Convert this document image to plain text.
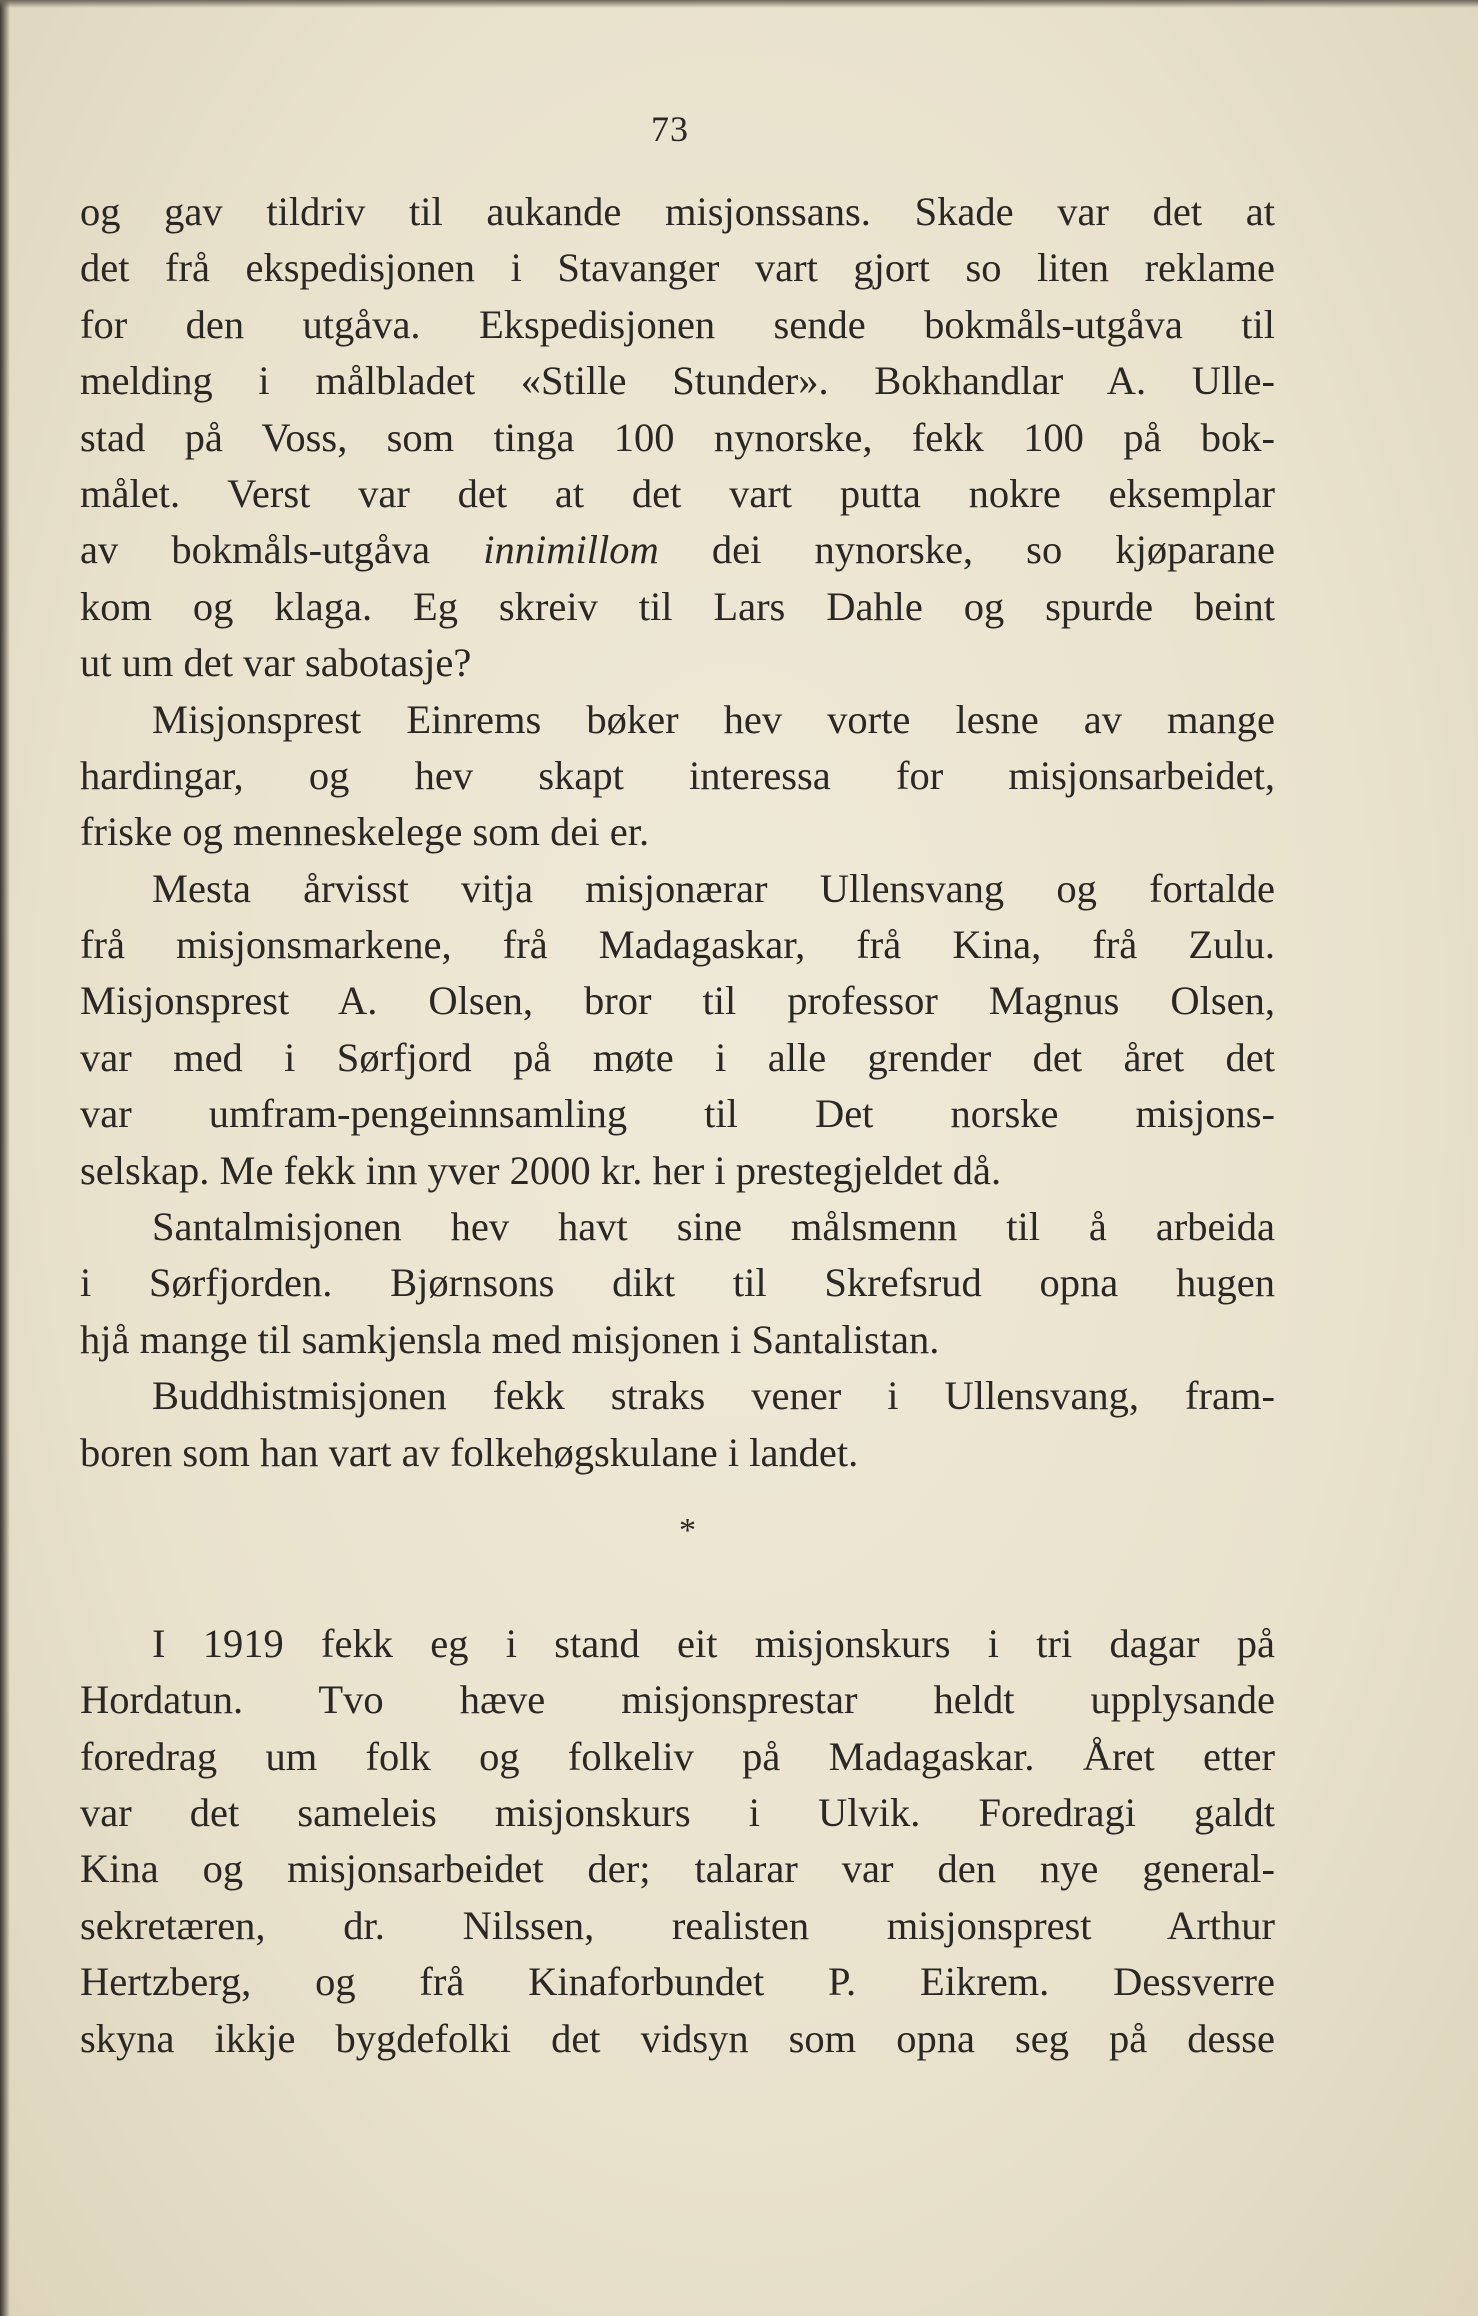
73
og gav tildriv til aukande misjonssans. Skade var det at
det frå ekspedisjonen i Stavanger vart gjort so liten reklame
for den utgåva. Ekspedisjonen sende bokmåls-utgåva til
melding i målbladet «Stille Stunder». Bokhandlar A. Ulle-
stad på Voss, som tinga 100 nynorske, fekk 100 på bok-
målet. Verst var det at det vart putta nokre eksemplar
av bokmåls-utgåva innimillom dei nynorske, so kjøparane
kom og klaga. Eg skreiv til Lars Dahle og spurde beint
ut um det var sabotasje?
Misjonsprest Einrems bøker hev vorte lesne av mange
hardingar, og hev skapt interessa for misjonsarbeidet,
friske og menneskelege som dei er.
Mesta årvisst vitja misjonærar Ullensvang og fortalde
frå misjonsmarkene, frå Madagaskar, frå Kina, frå Zulu.
Misjonsprest A. Olsen, bror til professor Magnus Olsen,
var med i Sørfjord på møte i alle grender det året det
var umfram-pengeinnsamling til Det norske misjons-
selskap. Me fekk inn yver 2000 kr. her i prestegjeldet då.
Santalmisjonen hev havt sine målsmenn til å arbeida
i Sørfjorden. Bjørnsons dikt til Skrefsrud opna hugen
hjå mange til samkjensla med misjonen i Santalistan.
Buddhistmisjonen fekk straks vener i Ullensvang, fram-
boren som han vart av folkehøgskulane i landet.
*
I 1919 fekk eg i stand eit misjonskurs i tri dagar på
Hordatun. Tvo hæve misjonsprestar heldt upplysande
foredrag um folk og folkeliv på Madagaskar. Året etter
var det sameleis misjonskurs i Ulvik. Foredragi galdt
Kina og misjonsarbeidet der; talarar var den nye general-
sekretæren, dr. Nilssen, realisten misjonsprest Arthur
Hertzberg, og frå Kinaforbundet P. Eikrem. Dessverre
skyna ikkje bygdefolki det vidsyn som opna seg på desse
